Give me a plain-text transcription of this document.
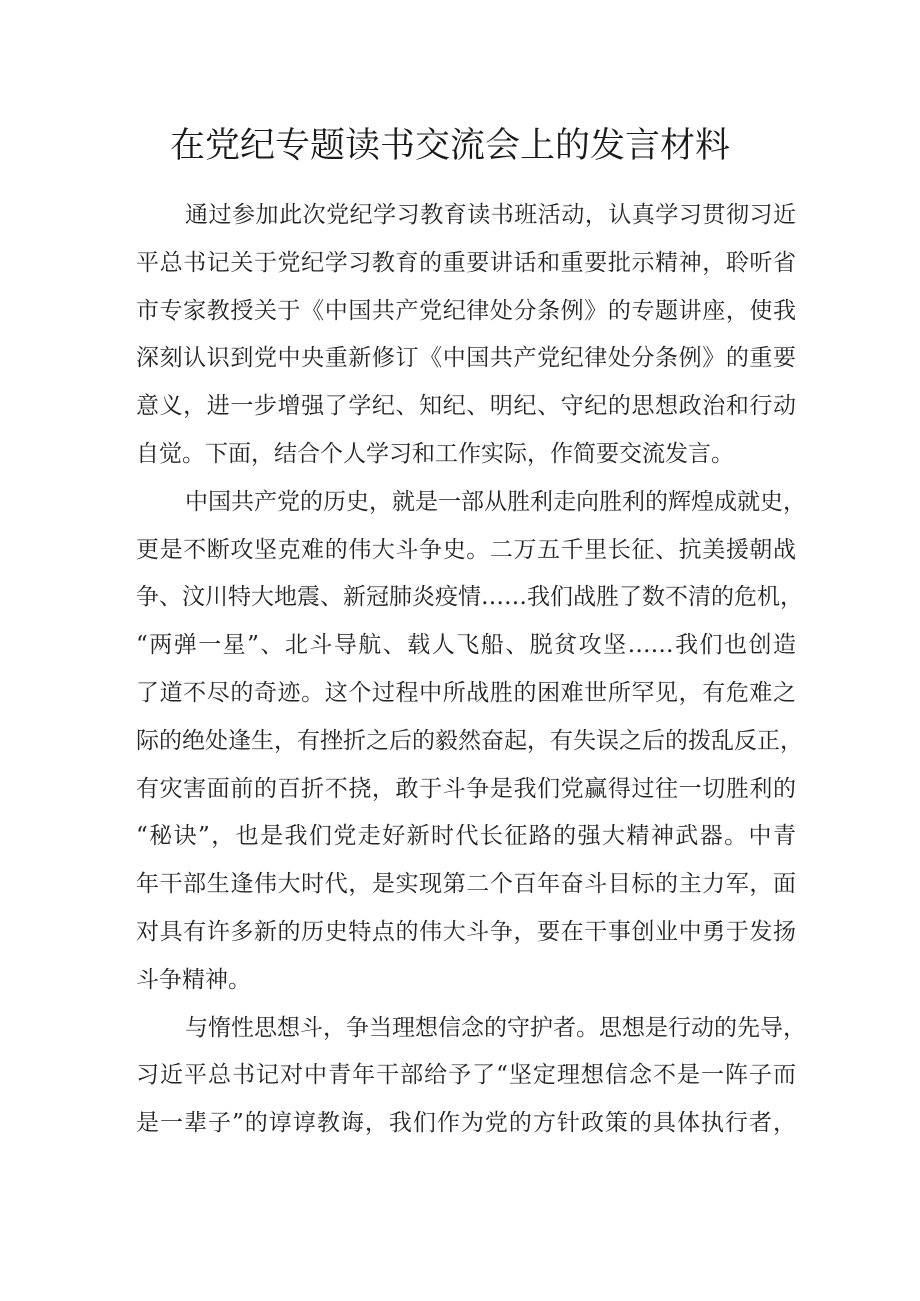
在党纪专题读书交流会上的发言材料
通过参加此次党纪学习教育读书班活动，认真学习贯彻习近
平总书记关于党纪学习教育的重要讲话和重要批示精神，聆听省
市专家教授关于《中国共产党纪律处分条例》的专题讲座，使我
深刻认识到党中央重新修订《中国共产党纪律处分条例》的重要
意义，进一步增强了学纪、知纪、明纪、守纪的思想政治和行动
自觉。下面，结合个人学习和工作实际，作简要交流发言。
中国共产党的历史，就是一部从胜利走向胜利的辉煌成就史，
更是不断攻坚克难的伟大斗争史。二万五千里长征、抗美援朝战
争、汶川特大地震、新冠肺炎疫情……我们战胜了数不清的危机，
“两弹一星”、北斗导航、载人飞船、脱贫攻坚……我们也创造
了道不尽的奇迹。这个过程中所战胜的困难世所罕见，有危难之
际的绝处逢生，有挫折之后的毅然奋起，有失误之后的拨乱反正，
有灾害面前的百折不挠，敢于斗争是我们党赢得过往一切胜利的
“秘诀”，也是我们党走好新时代长征路的强大精神武器。中青
年干部生逢伟大时代，是实现第二个百年奋斗目标的主力军，面
对具有许多新的历史特点的伟大斗争，要在干事创业中勇于发扬
斗争精神。
与惰性思想斗，争当理想信念的守护者。思想是行动的先导，
习近平总书记对中青年干部给予了“坚定理想信念不是一阵子而
是一辈子”的谆谆教诲，我们作为党的方针政策的具体执行者，
